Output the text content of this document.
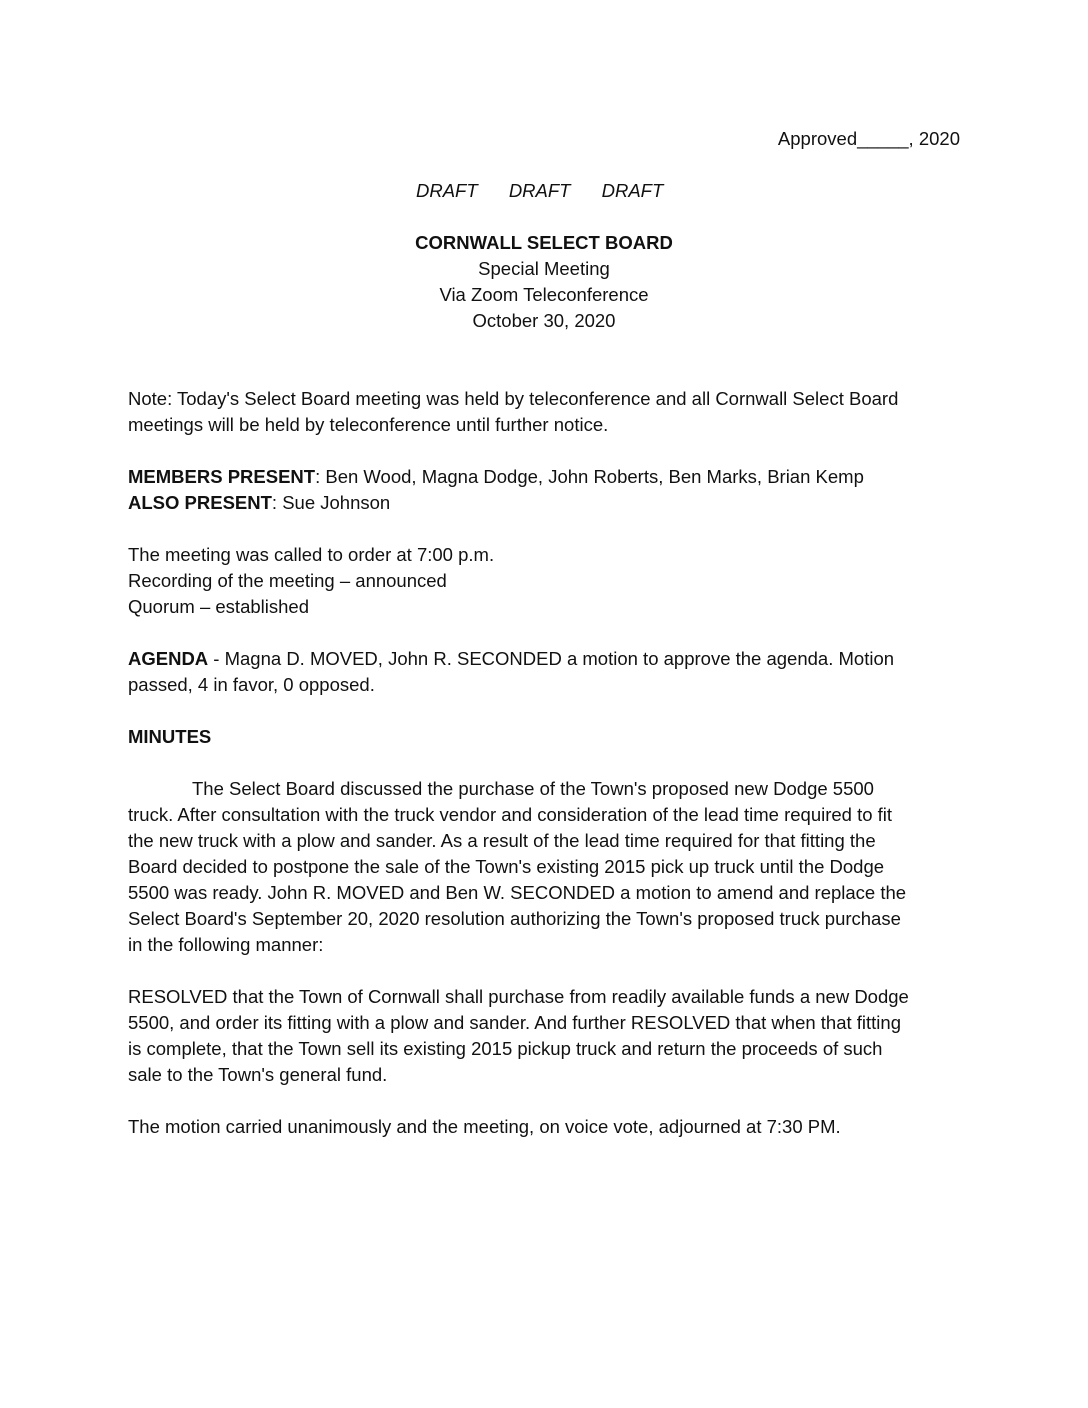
Approved_____, 2020
DRAFT DRAFT DRAFT
CORNWALL SELECT BOARD
Special Meeting
Via Zoom Teleconference
October 30, 2020
Note: Today's Select Board meeting was held by teleconference and all Cornwall Select Board
meetings will be held by teleconference until further notice.
MEMBERS PRESENT: Ben Wood, Magna Dodge, John Roberts, Ben Marks, Brian Kemp
ALSO PRESENT: Sue Johnson
The meeting was called to order at 7:00 p.m.
Recording of the meeting – announced
Quorum – established
AGENDA - Magna D. MOVED, John R. SECONDED a motion to approve the agenda. Motion
passed, 4 in favor, 0 opposed.
MINUTES
The Select Board discussed the purchase of the Town's proposed new Dodge 5500
truck. After consultation with the truck vendor and consideration of the lead time required to fit
the new truck with a plow and sander. As a result of the lead time required for that fitting the
Board decided to postpone the sale of the Town's existing 2015 pick up truck until the Dodge
5500 was ready. John R. MOVED and Ben W. SECONDED a motion to amend and replace the
Select Board's September 20, 2020 resolution authorizing the Town's proposed truck purchase
in the following manner:
RESOLVED that the Town of Cornwall shall purchase from readily available funds a new Dodge
5500, and order its fitting with a plow and sander. And further RESOLVED that when that fitting
is complete, that the Town sell its existing 2015 pickup truck and return the proceeds of such
sale to the Town's general fund.
The motion carried unanimously and the meeting, on voice vote, adjourned at 7:30 PM.
